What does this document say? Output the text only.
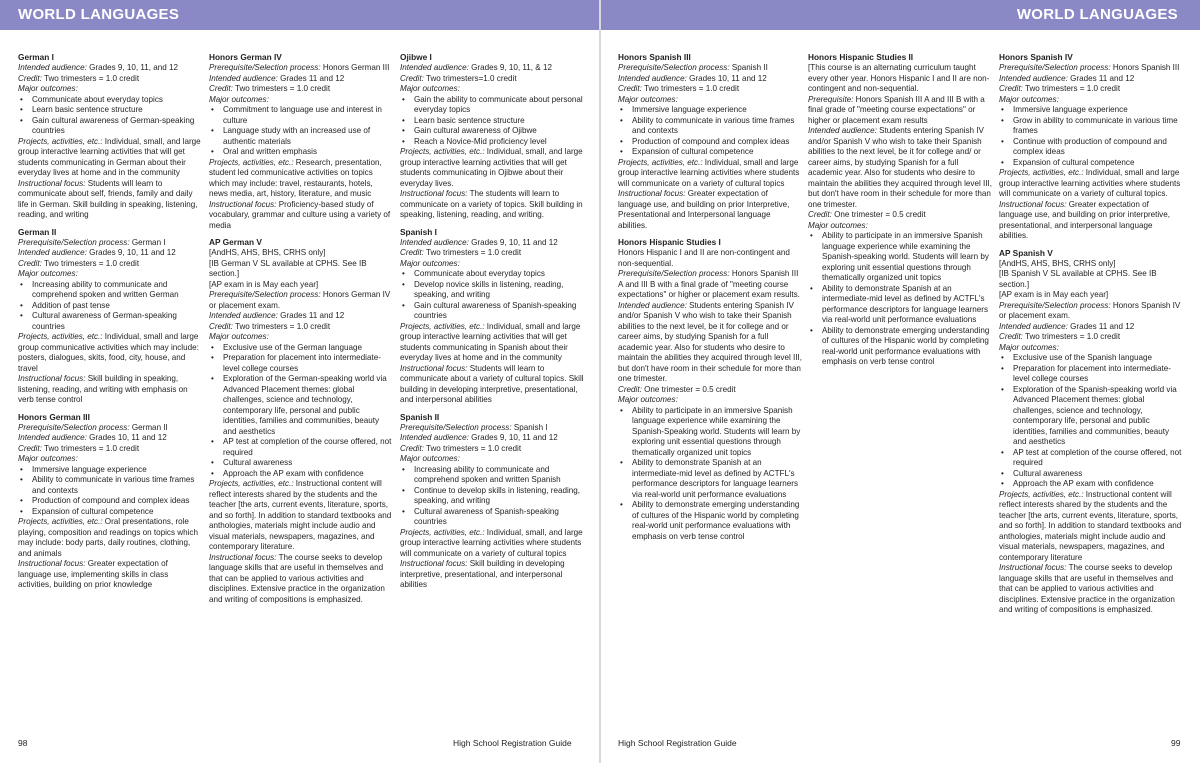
WORLD LANGUAGES
German I
Intended audience: Grades 9, 10, 11, and 12
Credit: Two trimesters = 1.0 credit
Major outcomes:
• Communicate about everyday topics
• Learn basic sentence structure
• Gain cultural awareness of German-speaking countries
Projects, activities, etc.: Individual, small, and large group interactive learning activities that will get students communicating in German about their everyday lives at home and in the community
Instructional focus: Students will learn to communicate about self, friends, family and daily life in German. Skill building in speaking, listening, reading, and writing
German II
Prerequisite/Selection process: German I
Intended audience: Grades 9, 10, 11 and 12
Credit: Two trimesters = 1.0 credit
Major outcomes:
• Increasing ability to communicate and comprehend spoken and written German
• Addition of past tense
• Cultural awareness of German-speaking countries
Projects, activities, etc.: Individual, small and large group communicative activities which may include: posters, dialogues, skits, food, city, house, and travel
Instructional focus: Skill building in speaking, listening, reading, and writing with emphasis on verb tense control
Honors German III
Prerequisite/Selection process: German II
Intended audience: Grades 10, 11 and 12
Credit: Two trimesters = 1.0 credit
Major outcomes:
• Immersive language experience
• Ability to communicate in various time frames and contexts
• Production of compound and complex ideas
• Expansion of cultural competence
Projects, activities, etc.: Oral presentations, role playing, composition and readings on topics which may include: body parts, daily routines, clothing, and animals
Instructional focus: Greater expectation of language use, implementing skills in class activities, building on prior knowledge
Honors German IV
Prerequisite/Selection process: Honors German III
Intended audience: Grades 11 and 12
Credit: Two trimesters = 1.0 credit
Major outcomes:
• Commitment to language use and interest in culture
• Language study with an increased use of authentic materials
• Oral and written emphasis
Projects, activities, etc.: Research, presentation, student led communicative activities on topics which may include: travel, restaurants, hotels, news media, art, history, literature, and music
Instructional focus: Proficiency-based study of vocabulary, grammar and culture using a variety of media
AP German V
[AndHS, AHS, BHS, CRHS only]
[IB German V SL available at CPHS. See IB section.]
[AP exam in is May each year]
Prerequisite/Selection process: Honors German IV or placement exam.
Intended audience: Grades 11 and 12
Credit: Two trimesters = 1.0 credit
Major outcomes:
• Exclusive use of the German language
• Preparation for placement into intermediate-level college courses
• Exploration of the German-speaking world via Advanced Placement themes: global challenges, science and technology, contemporary life, personal and public identities, families and communities, beauty and aesthetics
• AP test at completion of the course offered, not required
• Cultural awareness
• Approach the AP exam with confidence
Projects, activities, etc.: Instructional content will reflect interests shared by the students and the teacher [the arts, current events, literature, sports, and so forth]. In addition to standard textbooks and anthologies, materials might include audio and visual materials, newspapers, magazines, and contemporary literature.
Instructional focus: The course seeks to develop language skills that are useful in themselves and that can be applied to various activities and disciplines. Extensive practice in the organization and writing of compositions is emphasized.
Ojibwe I
Intended audience: Grades 9, 10, 11, & 12
Credit: Two trimesters=1.0 credit
Major outcomes:
• Gain the ability to communicate about personal everyday topics
• Learn basic sentence structure
• Gain cultural awareness of Ojibwe
• Reach a Novice-Mid proficiency level
Projects, activities, etc.: Individual, small, and large group interactive learning activities that will get students communicating in Ojibwe about their everyday lives.
Instructional focus: The students will learn to communicate on a variety of topics. Skill building in speaking, listening, reading, and writing.
Spanish I
Intended audience: Grades 9, 10, 11 and 12
Credit: Two trimesters = 1.0 credit
Major outcomes:
• Communicate about everyday topics
• Develop novice skills in listening, reading, speaking, and writing
• Gain cultural awareness of Spanish-speaking countries
Projects, activities, etc.: Individual, small and large group interactive learning activities that will get students communicating in Spanish about their everyday lives at home and in the community
Instructional focus: Students will learn to communicate about a variety of cultural topics. Skill building in developing interpretive, presentational, and interpersonal abilities
Spanish II
Prerequisite/Selection process: Spanish I
Intended audience: Grades 9, 10, 11 and 12
Credit: Two trimesters = 1.0 credit
Major outcomes:
• Increasing ability to communicate and comprehend spoken and written Spanish
• Continue to develop skills in listening, reading, speaking, and writing
• Cultural awareness of Spanish-speaking countries
Projects, activities, etc.: Individual, small, and large group interactive learning activities where students will communicate on a variety of cultural topics
Instructional focus: Skill building in developing interpretive, presentational, and interpersonal abilities
98	High School Registration Guide
WORLD LANGUAGES
Honors Spanish III
Prerequisite/Selection process: Spanish II
Intended audience: Grades 10, 11 and 12
Credit: Two trimesters = 1.0 credit
Major outcomes:
• Immersive language experience
• Ability to communicate in various time frames and contexts
• Production of compound and complex ideas
• Expansion of cultural competence
Projects, activities, etc.: Individual, small and large group interactive learning activities where students will communicate on a variety of cultural topics
Instructional focus: Greater expectation of language use, and building on prior Interpretive, Presentational and Interpersonal language abilities.
Honors Hispanic Studies I
Honors Hispanic I and II are non-contingent and non-sequential.
Prerequisite/Selection process: Honors Spanish III A and III B with a final grade of "meeting course expectations" or higher or placement exam results.
Intended audience: Students entering Spanish IV and/or Spanish V who wish to take their Spanish abilities to the next level, be it for college and or career aims, by studying Spanish for a full academic year. Also for students who desire to maintain the abilities they acquired through level III, but don't have room in their schedule for more than one trimester.
Credit: One trimester = 0.5 credit
Major outcomes:
• Ability to participate in an immersive Spanish language experience while examining the Spanish-Speaking world. Students will learn by exploring unit essential questions through thematically organized unit topics
• Ability to demonstrate Spanish at an intermediate-mid level as defined by ACTFL's performance descriptors for language learners via real-world unit performance evaluations
• Ability to demonstrate emerging understanding of cultures of the Hispanic world by completing real-world unit performance evaluations with emphasis on verb tense control
Honors Hispanic Studies II
[This course is an alternating curriculum taught every other year. Honors Hispanic I and II are non-contingent and non-sequential.
Prerequisite: Honors Spanish III A and III B with a final grade of "meeting course expectations" or higher or placement exam results
Intended audience: Students entering Spanish IV and/or Spanish V who wish to take their Spanish abilities to the next level, be it for college and/ or career aims, by studying Spanish for a full academic year. Also for students who desire to maintain the abilities they acquired through level III, but don't have room in their schedule for more than one trimester.
Credit: One trimester = 0.5 credit
Major outcomes:
• Ability to participate in an immersive Spanish language experience while examining the Spanish-speaking world. Students will learn by exploring unit essential questions through thematically organized unit topics
• Ability to demonstrate Spanish at an intermediate-mid level as defined by ACTFL's performance descriptors for language learners via real-world unit performance evaluations
• Ability to demonstrate emerging understanding of cultures of the Hispanic world by completing real-world unit performance evaluations with emphasis on verb tense control
Honors Spanish IV
Prerequisite/Selection process: Honors Spanish III
Intended audience: Grades 11 and 12
Credit: Two trimesters = 1.0 credit
Major outcomes:
• Immersive language experience
• Grow in ability to communicate in various time frames
• Continue with production of compound and complex ideas
• Expansion of cultural competence
Projects, activities, etc.: Individual, small and large group interactive learning activities where students will communicate on a variety of cultural topics.
Instructional focus: Greater expectation of language use, and building on prior interpretive, presentational, and interpersonal language abilities.
AP Spanish V
[AndHS, AHS, BHS, CRHS only]
[IB Spanish V SL available at CPHS. See IB section.]
[AP exam is in May each year]
Prerequisite/Selection process: Honors Spanish IV or placement exam.
Intended audience: Grades 11 and 12
Credit: Two trimesters = 1.0 credit
Major outcomes:
• Exclusive use of the Spanish language
• Preparation for placement into intermediate-level college courses
• Exploration of the Spanish-speaking world via Advanced Placement themes: global challenges, science and technology, contemporary life, personal and public identities, families and communities, beauty and aesthetics
• AP test at completion of the course offered, not required
• Cultural awareness
• Approach the AP exam with confidence
Projects, activities, etc.: Instructional content will reflect interests shared by the students and the teacher [the arts, current events, literature, sports, and so forth]. In addition to standard textbooks and anthologies, materials might include audio and visual materials, newspapers, magazines, and contemporary literature
Instructional focus: The course seeks to develop language skills that are useful in themselves and that can be applied to various activities and disciplines. Extensive practice in the organization and writing of compositions is emphasized.
High School Registration Guide	99
